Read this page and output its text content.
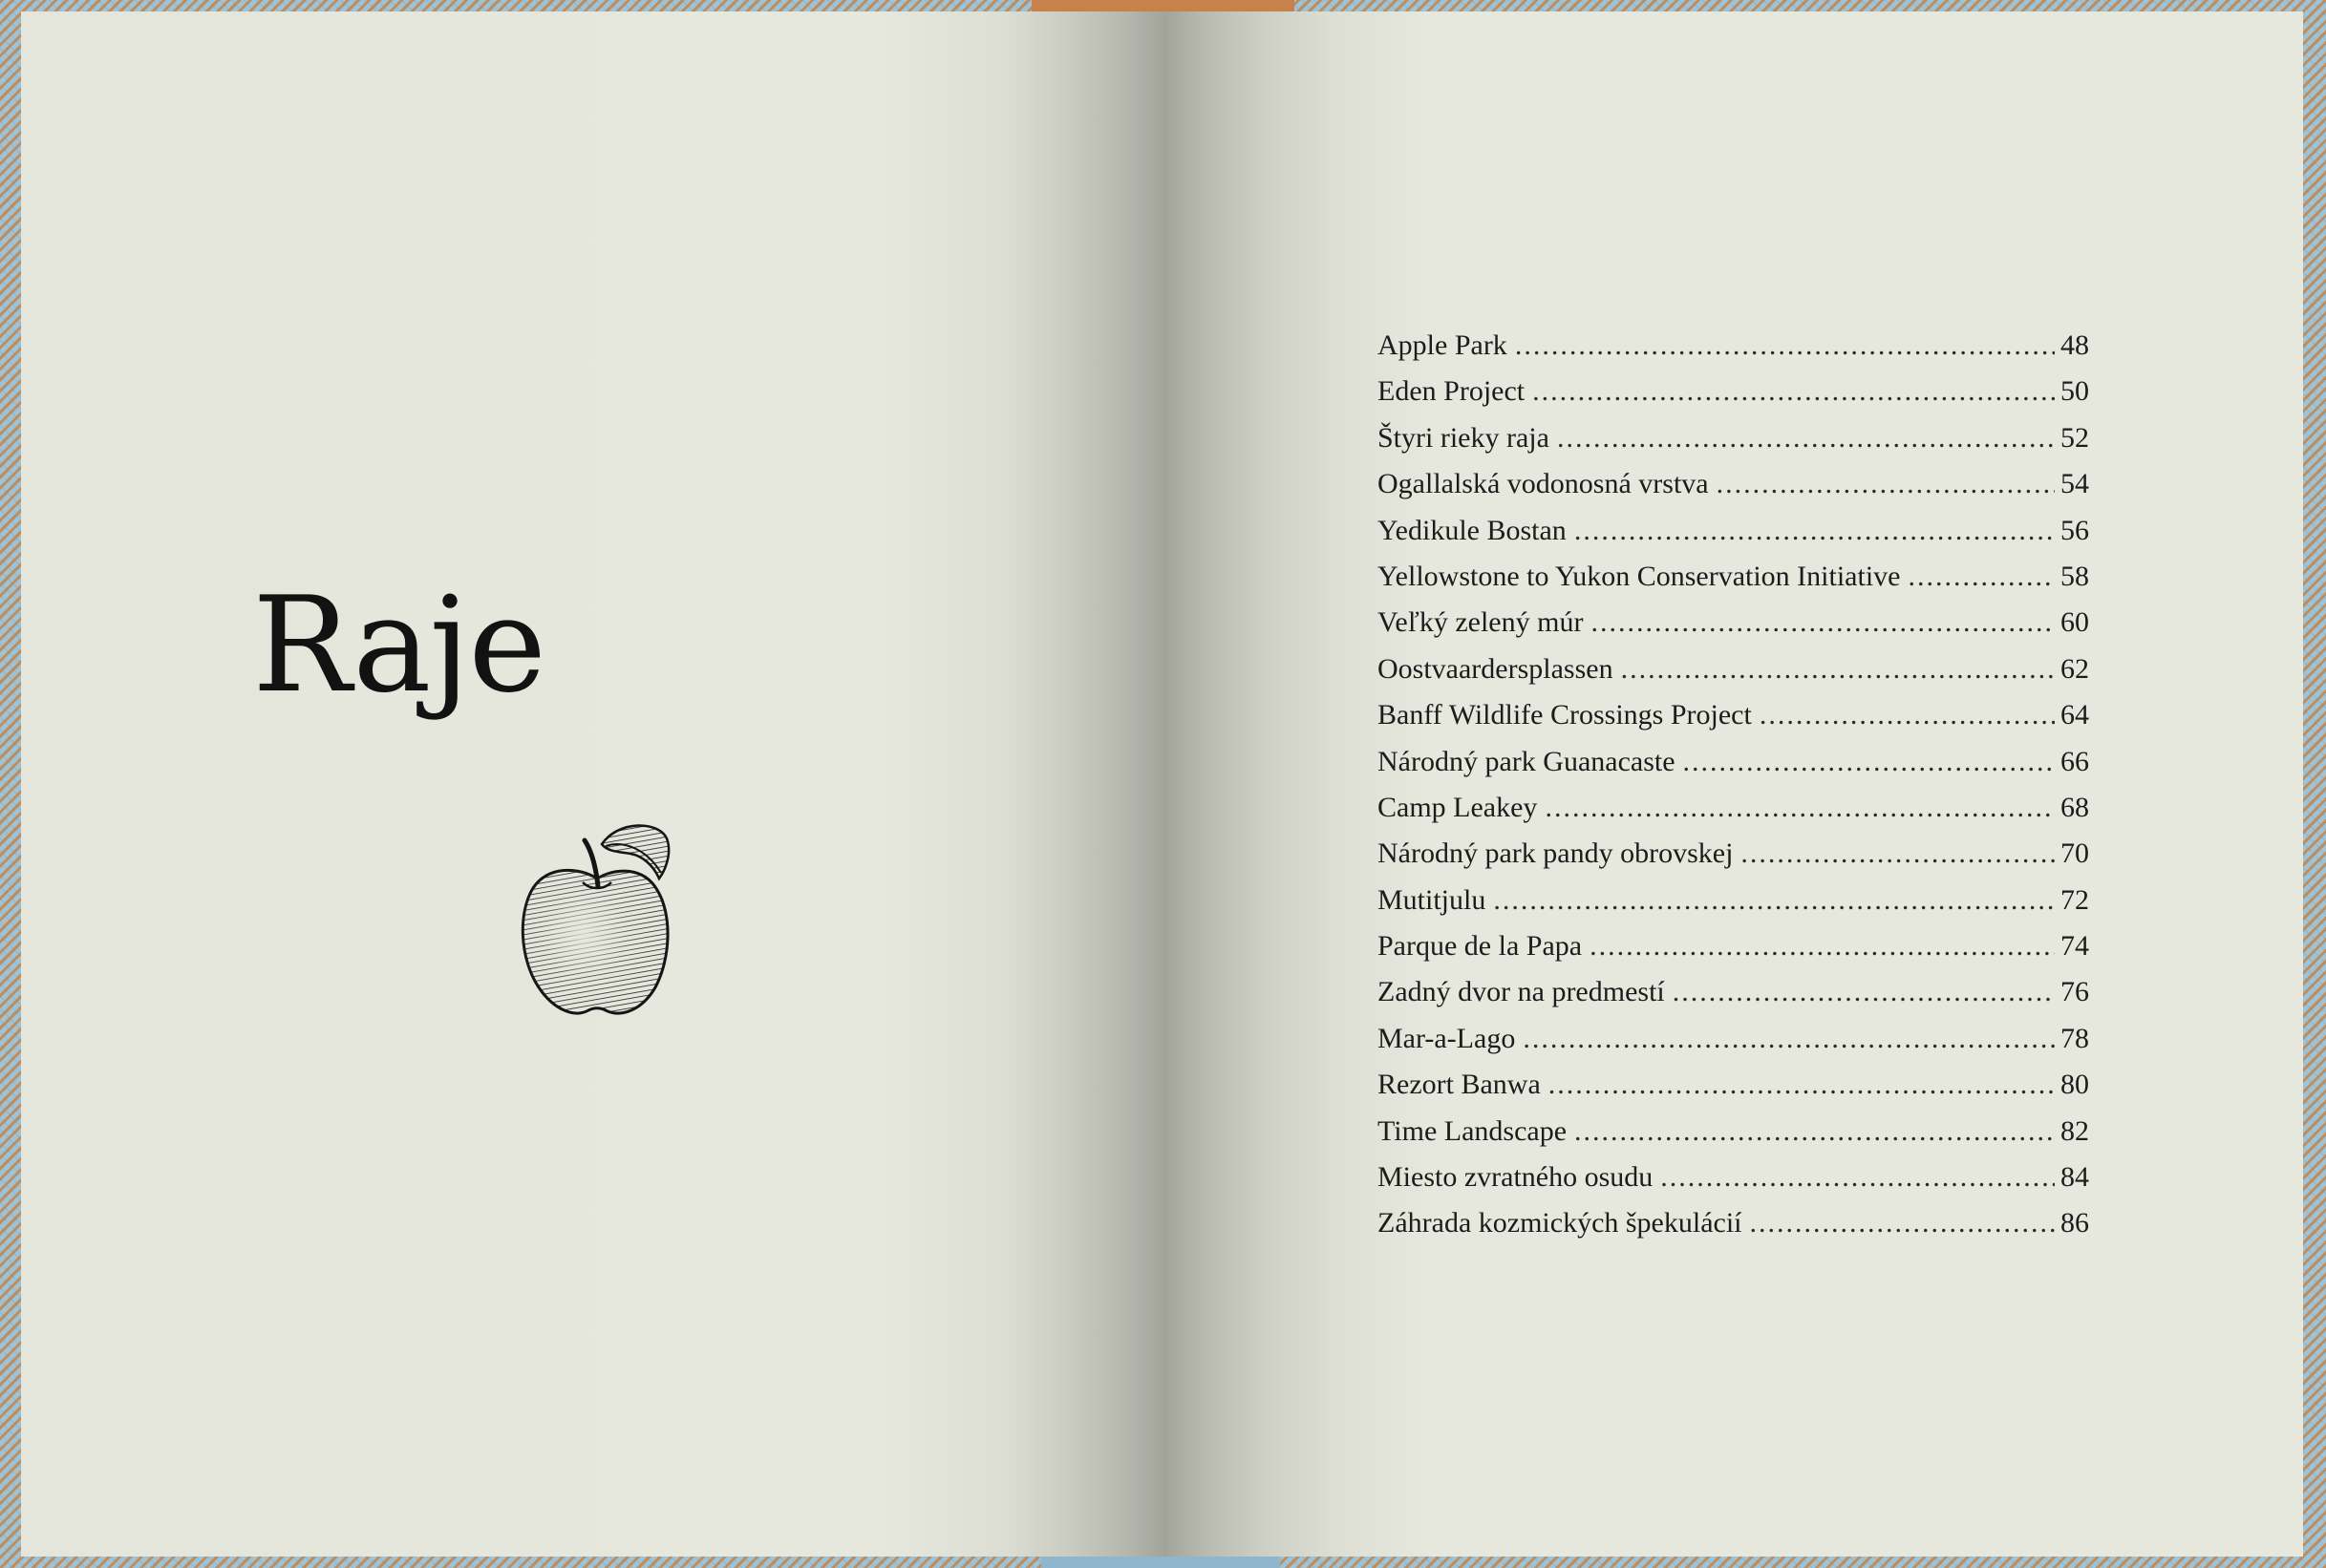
Raje
Apple Park .....	48
Eden Project .....	50
Štyri rieky raja .....	52
Ogallalská vodonosná vrstva .....	54
Yedikule Bostan .....	56
Yellowstone to Yukon Conservation Initiative .....	58
Veľký zelený múr .....	60
Oostvaardersplassen .....	62
Banff Wildlife Crossings Project .....	64
Národný park Guanacaste .....	66
Camp Leakey .....	68
Národný park pandy obrovskej .....	70
Mutitjulu .....	72
Parque de la Papa .....	74
Zadný dvor na predmestí .....	76
Mar-a-Lago .....	78
Rezort Banwa .....	80
Time Landscape .....	82
Miesto zvratného osudu .....	84
Záhrada kozmických špekulácií .....	86
